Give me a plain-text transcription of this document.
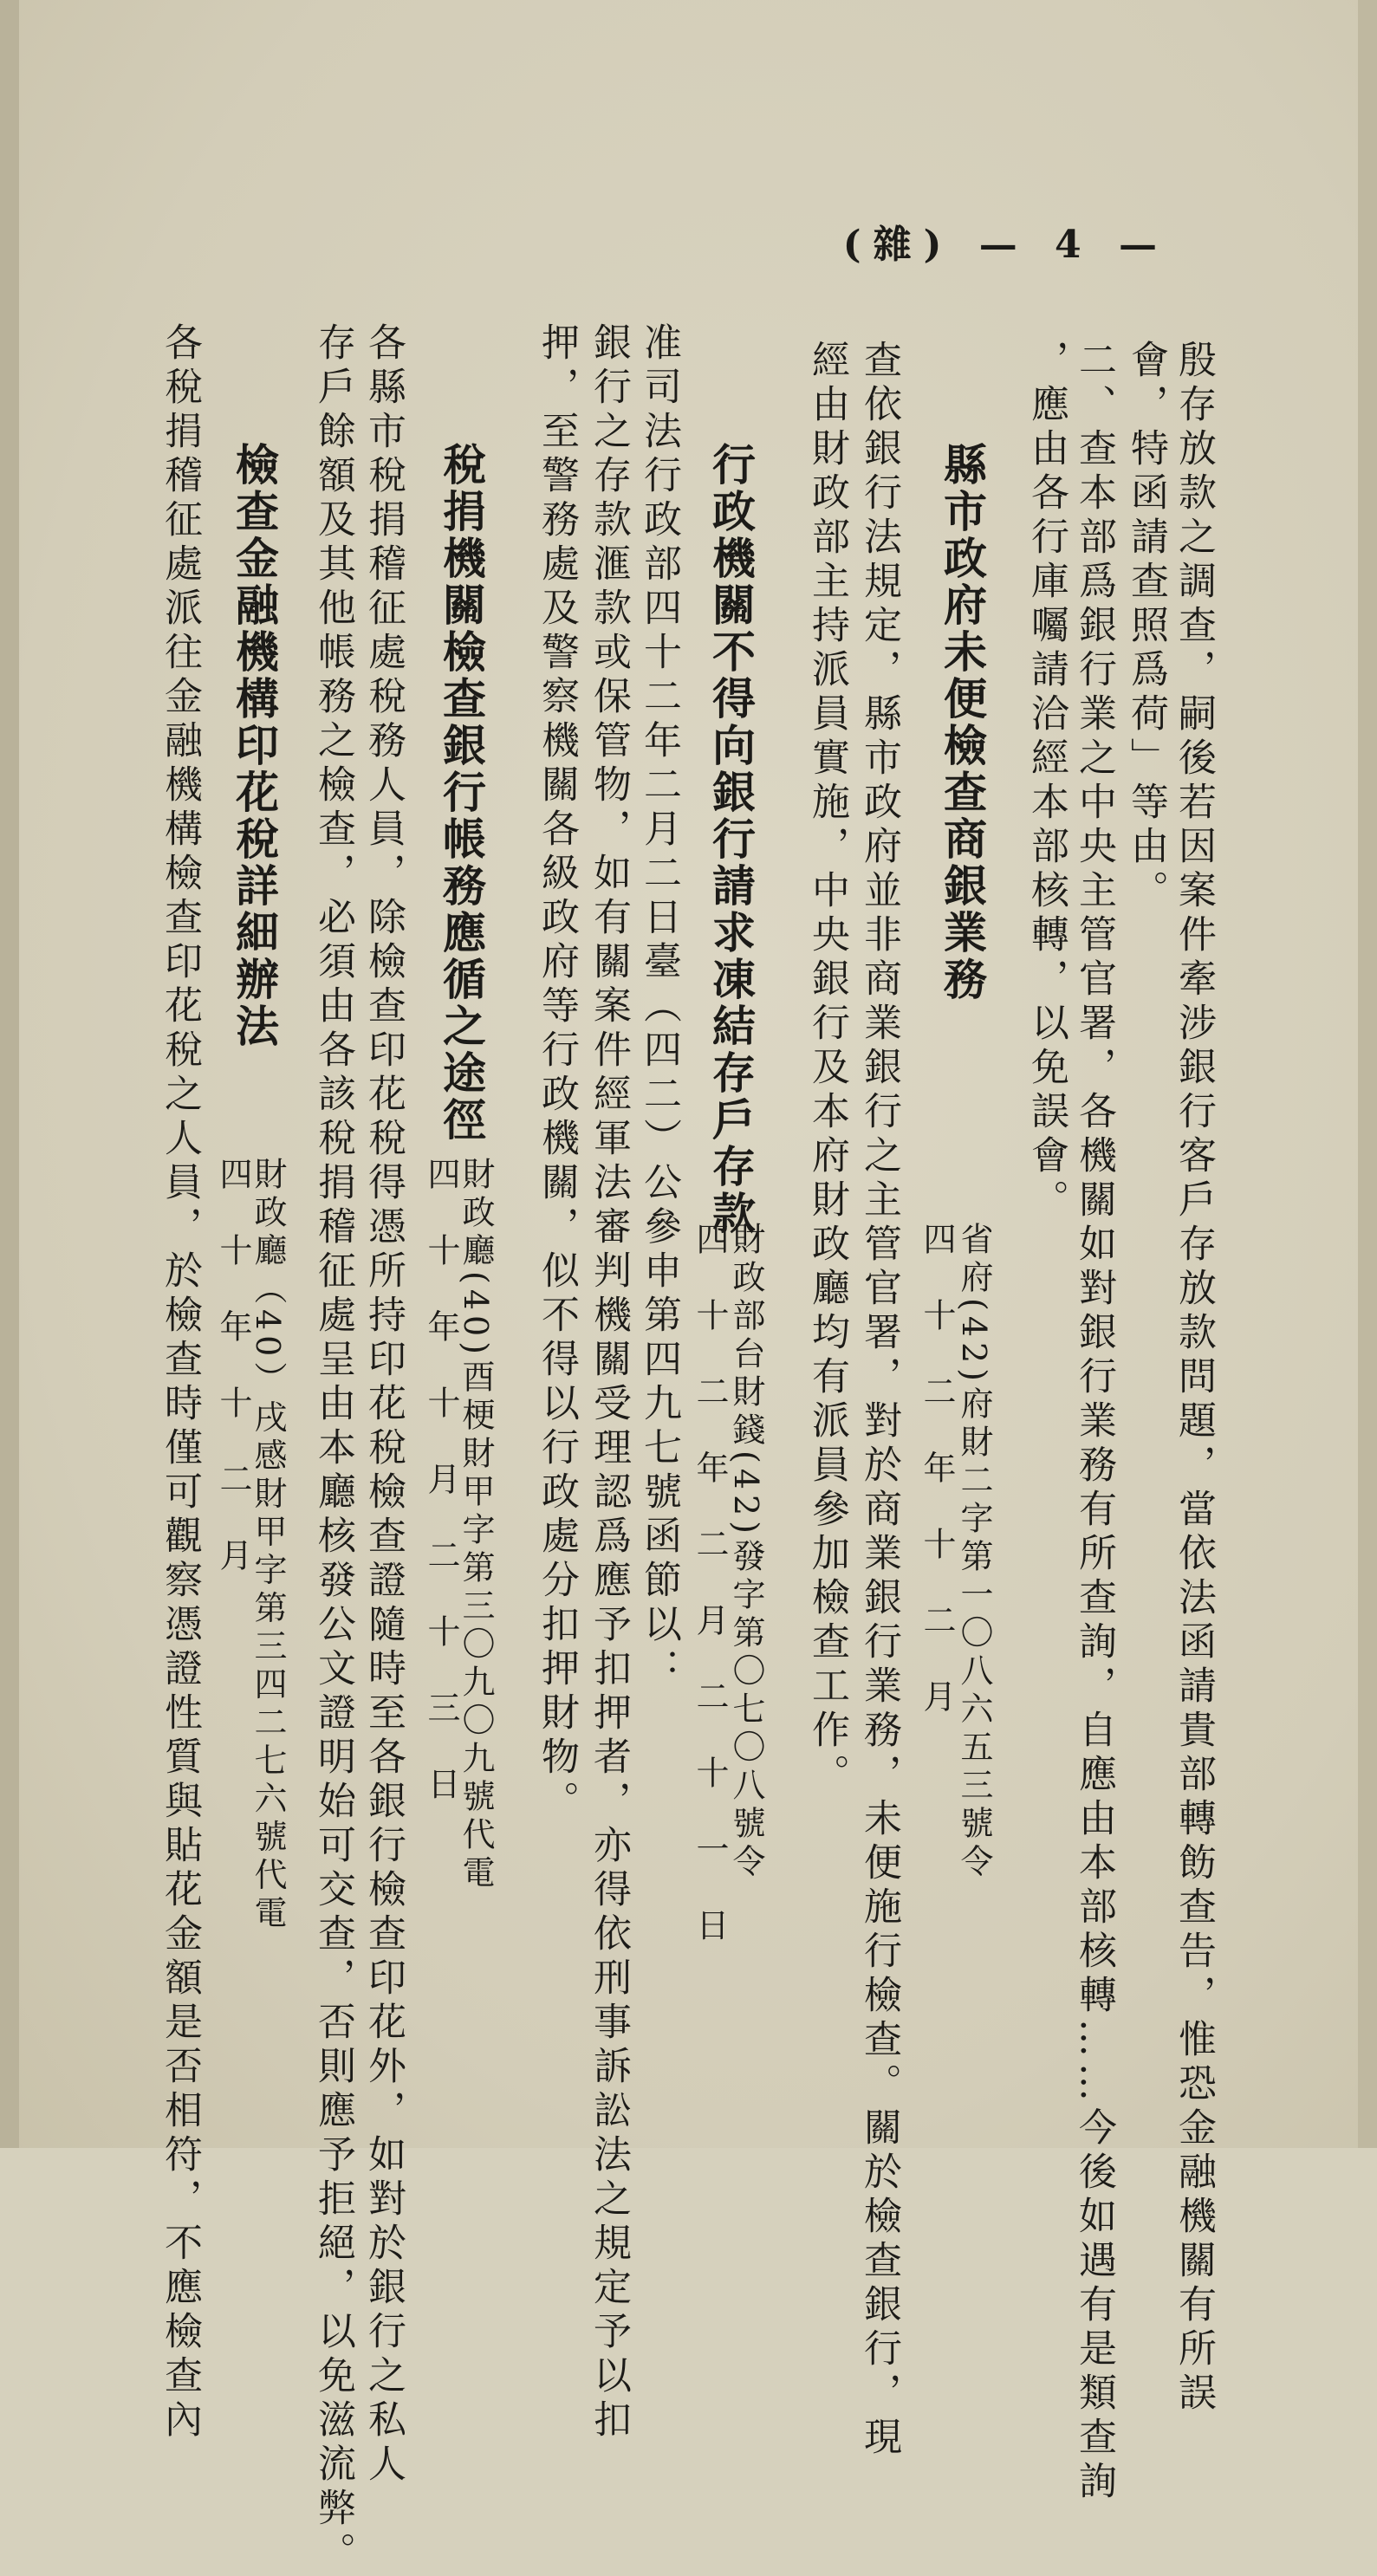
(雜) — 4 —
殷存放款之調查，嗣後若因案件牽涉銀行客戶存放款問題，當依法函請貴部轉飭查告，惟恐金融機關有所誤
會，特函請查照爲荷」等由。
二、查本部爲銀行業之中央主管官署，各機關如對銀行業務有所查詢，自應由本部核轉……今後如遇有是類查詢
，應由各行庫囑請洽經本部核轉，以免誤會。
縣市政府未便檢查商銀業務
省府(42)府財二字第一〇八六五三號令
四　十　二　年　十　二　月
查依銀行法規定，縣市政府並非商業銀行之主管官署，對於商業銀行業務，未便施行檢查。關於檢查銀行，現
經由財政部主持派員實施，中央銀行及本府財政廳均有派員參加檢查工作。
行政機關不得向銀行請求凍結存戶存款
財政部台財錢(42)發字第〇七〇八號令
四　十　二　年　二　月　二　十　一　日
准司法行政部四十二年二月二日臺（四二）公參申第四九七號函節以：
銀行之存款滙款或保管物，如有關案件經軍法審判機關受理認爲應予扣押者，亦得依刑事訴訟法之規定予以扣
押，至警務處及警察機關各級政府等行政機關，似不得以行政處分扣押財物。
稅捐機關檢查銀行帳務應循之途徑
財政廳(40)酉梗財甲字第三〇九〇九號代電
四　十　年　十　月　二　十　三　日
各縣市稅捐稽征處稅務人員，除檢查印花稅得憑所持印花稅檢查證隨時至各銀行檢查印花外，如對於銀行之私人
存戶餘額及其他帳務之檢查，必須由各該稅捐稽征處呈由本廳核發公文證明始可交查，否則應予拒絕，以免滋流弊。
檢查金融機構印花稅詳細辦法
財政廳（40）戌感財甲字第三四二七六號代電
四　十　年　十　二　月
各稅捐稽征處派往金融機構檢查印花稅之人員，於檢查時僅可觀察憑證性質與貼花金額是否相符，不應檢查內
